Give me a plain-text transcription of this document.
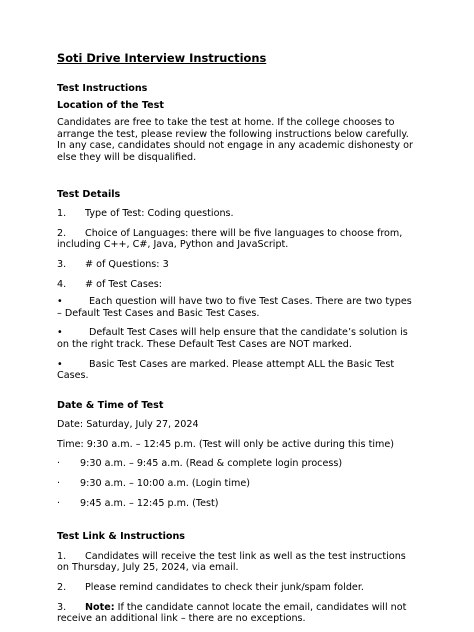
Soti Drive Interview Instructions

Test Instructions

Location of the Test

Candidates are free to take the test at home. If the college chooses to arrange the test, please review the following instructions below carefully. In any case, candidates should not engage in any academic dishonesty or else they will be disqualified.

Test Details

1. Type of Test: Coding questions.

2. Choice of Languages: there will be five languages to choose from, including C++, C#, Java, Python and JavaScript.

3. # of Questions: 3

4. # of Test Cases:

•	Each question will have two to five Test Cases. There are two types – Default Test Cases and Basic Test Cases.

•	Default Test Cases will help ensure that the candidate’s solution is on the right track. These Default Test Cases are NOT marked.

•	Basic Test Cases are marked. Please attempt ALL the Basic Test Cases.

Date & Time of Test

Date: Saturday, July 27, 2024

Time: 9:30 a.m. – 12:45 p.m. (Test will only be active during this time)

· 9:30 a.m. – 9:45 a.m. (Read & complete login process)

· 9:30 a.m. – 10:00 a.m. (Login time)

· 9:45 a.m. – 12:45 p.m. (Test)

Test Link & Instructions

1. Candidates will receive the test link as well as the test instructions on Thursday, July 25, 2024, via email.

2. Please remind candidates to check their junk/spam folder.

3. Note: If the candidate cannot locate the email, candidates will not receive an additional link – there are no exceptions.
